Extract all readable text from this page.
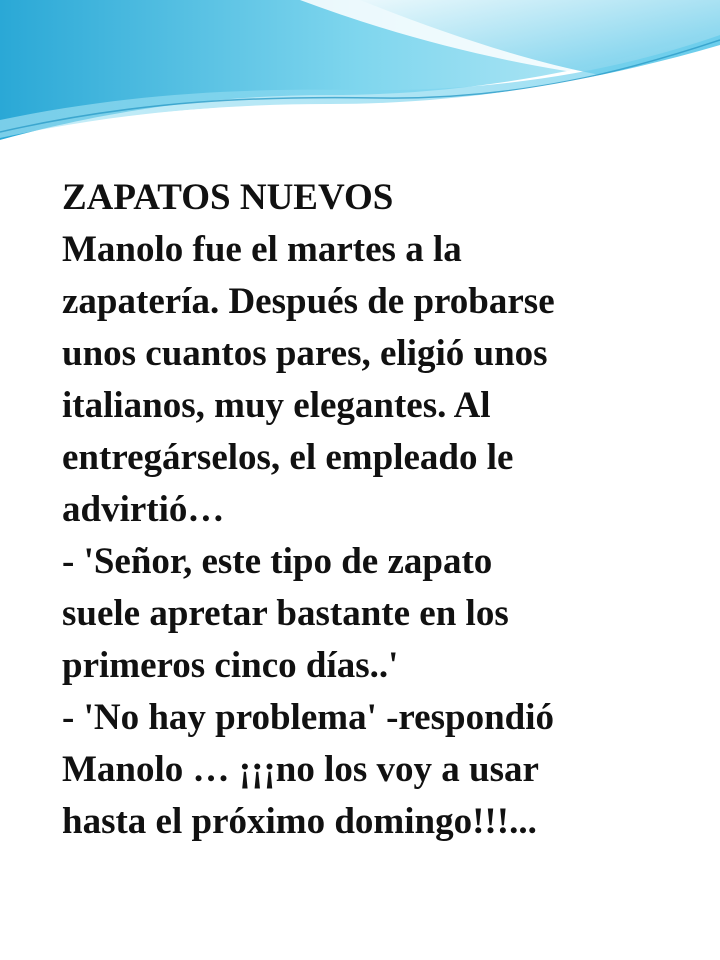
ZAPATOS NUEVOS
Manolo fue el martes a la
zapatería. Después de probarse
unos cuantos pares, eligió unos
italianos, muy elegantes. Al
entregárselos, el empleado le
advirtió…
- 'Señor, este tipo de zapato
suele apretar bastante en los
primeros cinco días..'
- 'No hay problema' -respondió
Manolo … ¡¡¡no los voy a usar
hasta el próximo domingo!!!...
